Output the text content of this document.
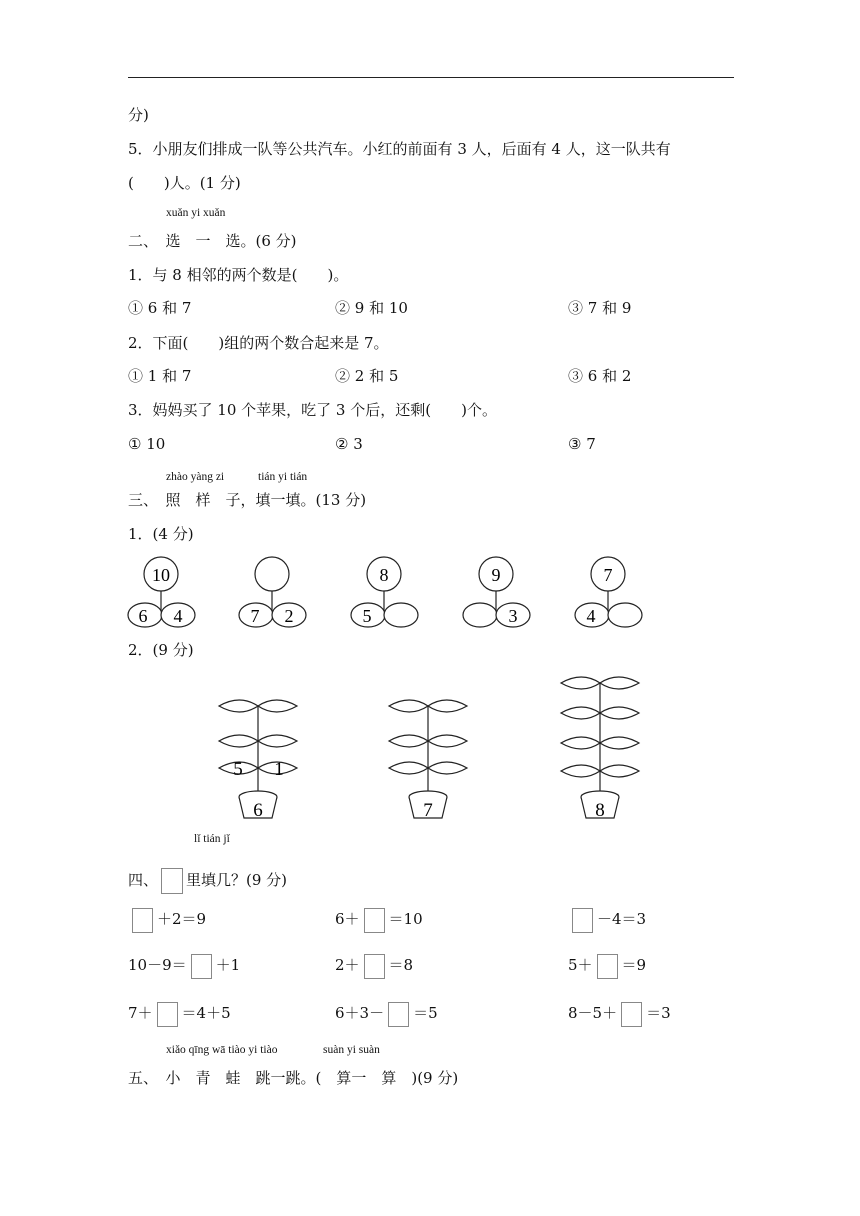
分)
5．小朋友们排成一队等公共汽车。小红的前面有 3 人，后面有 4 人，这一队共有
(　　)人。(1 分)
xuǎn yi xuǎn
二、　选　一　选。(6 分)
1．与 8 相邻的两个数是(　　)。
① 6 和 7	② 9 和 10	③ 7 和 9
2．下面(　　)组的两个数合起来是 7。
① 1 和 7	② 2 和 5	③ 6 和 2
3．妈妈买了 10 个苹果，吃了 3 个后，还剩(　　)个。
① 10	② 3	③ 7
zhào yàng zi	tián yi tián
三、　照　样　子，填一填。(13 分)
1．(4 分)
10
6 4	7 2
8
5
9
3
7
4
5 1
6	7	8
2．(9 分)
lǐ tián jǐ
四、 里填几？(9 分)
＋2＝9	6＋ ＝10	－4＝3
10－9＝ ＋1	2＋ ＝8	5＋ ＝9
7＋ ＝4＋5	6＋3－ ＝5	8－5＋ ＝3
xiǎo qīng wā tiào yi tiào	suàn yi suàn
五、　小　青　蛙　跳一跳。(　算一　算　)(9 分)
